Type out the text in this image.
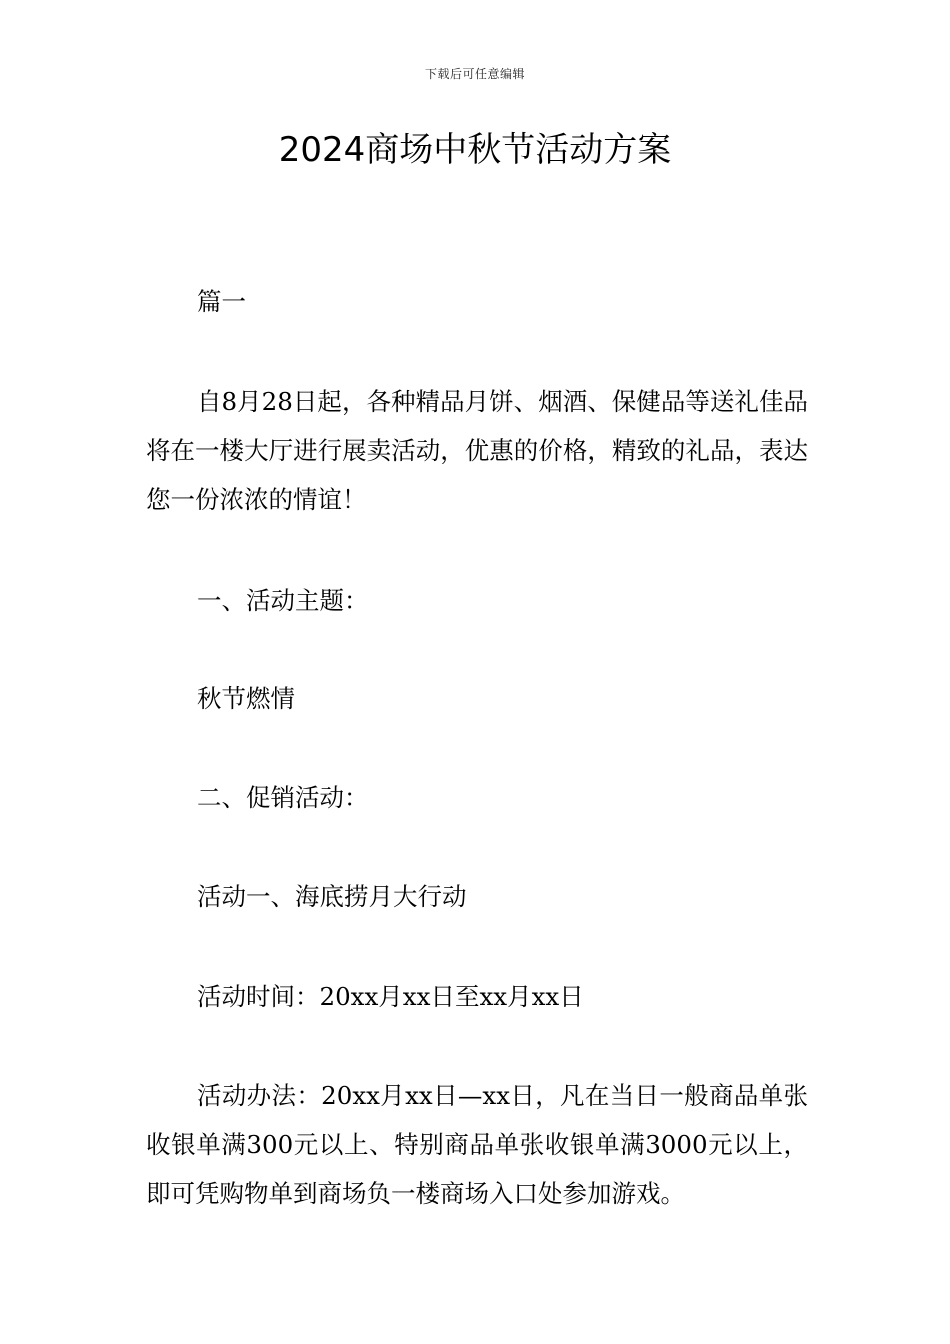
下载后可任意编辑
2024商场中秋节活动方案

篇一

自8月28日起，各种精品月饼、烟酒、保健品等送礼佳品将在一楼大厅进行展卖活动，优惠的价格，精致的礼品，表达您一份浓浓的情谊！

一、活动主题：

秋节燃情

二、促销活动：

活动一、海底捞月大行动

活动时间：20xx月xx日至xx月xx日

活动办法：20xx月xx日—xx日，凡在当日一般商品单张收银单满300元以上、特别商品单张收银单满3000元以上，即可凭购物单到商场负一楼商场入口处参加游戏。
